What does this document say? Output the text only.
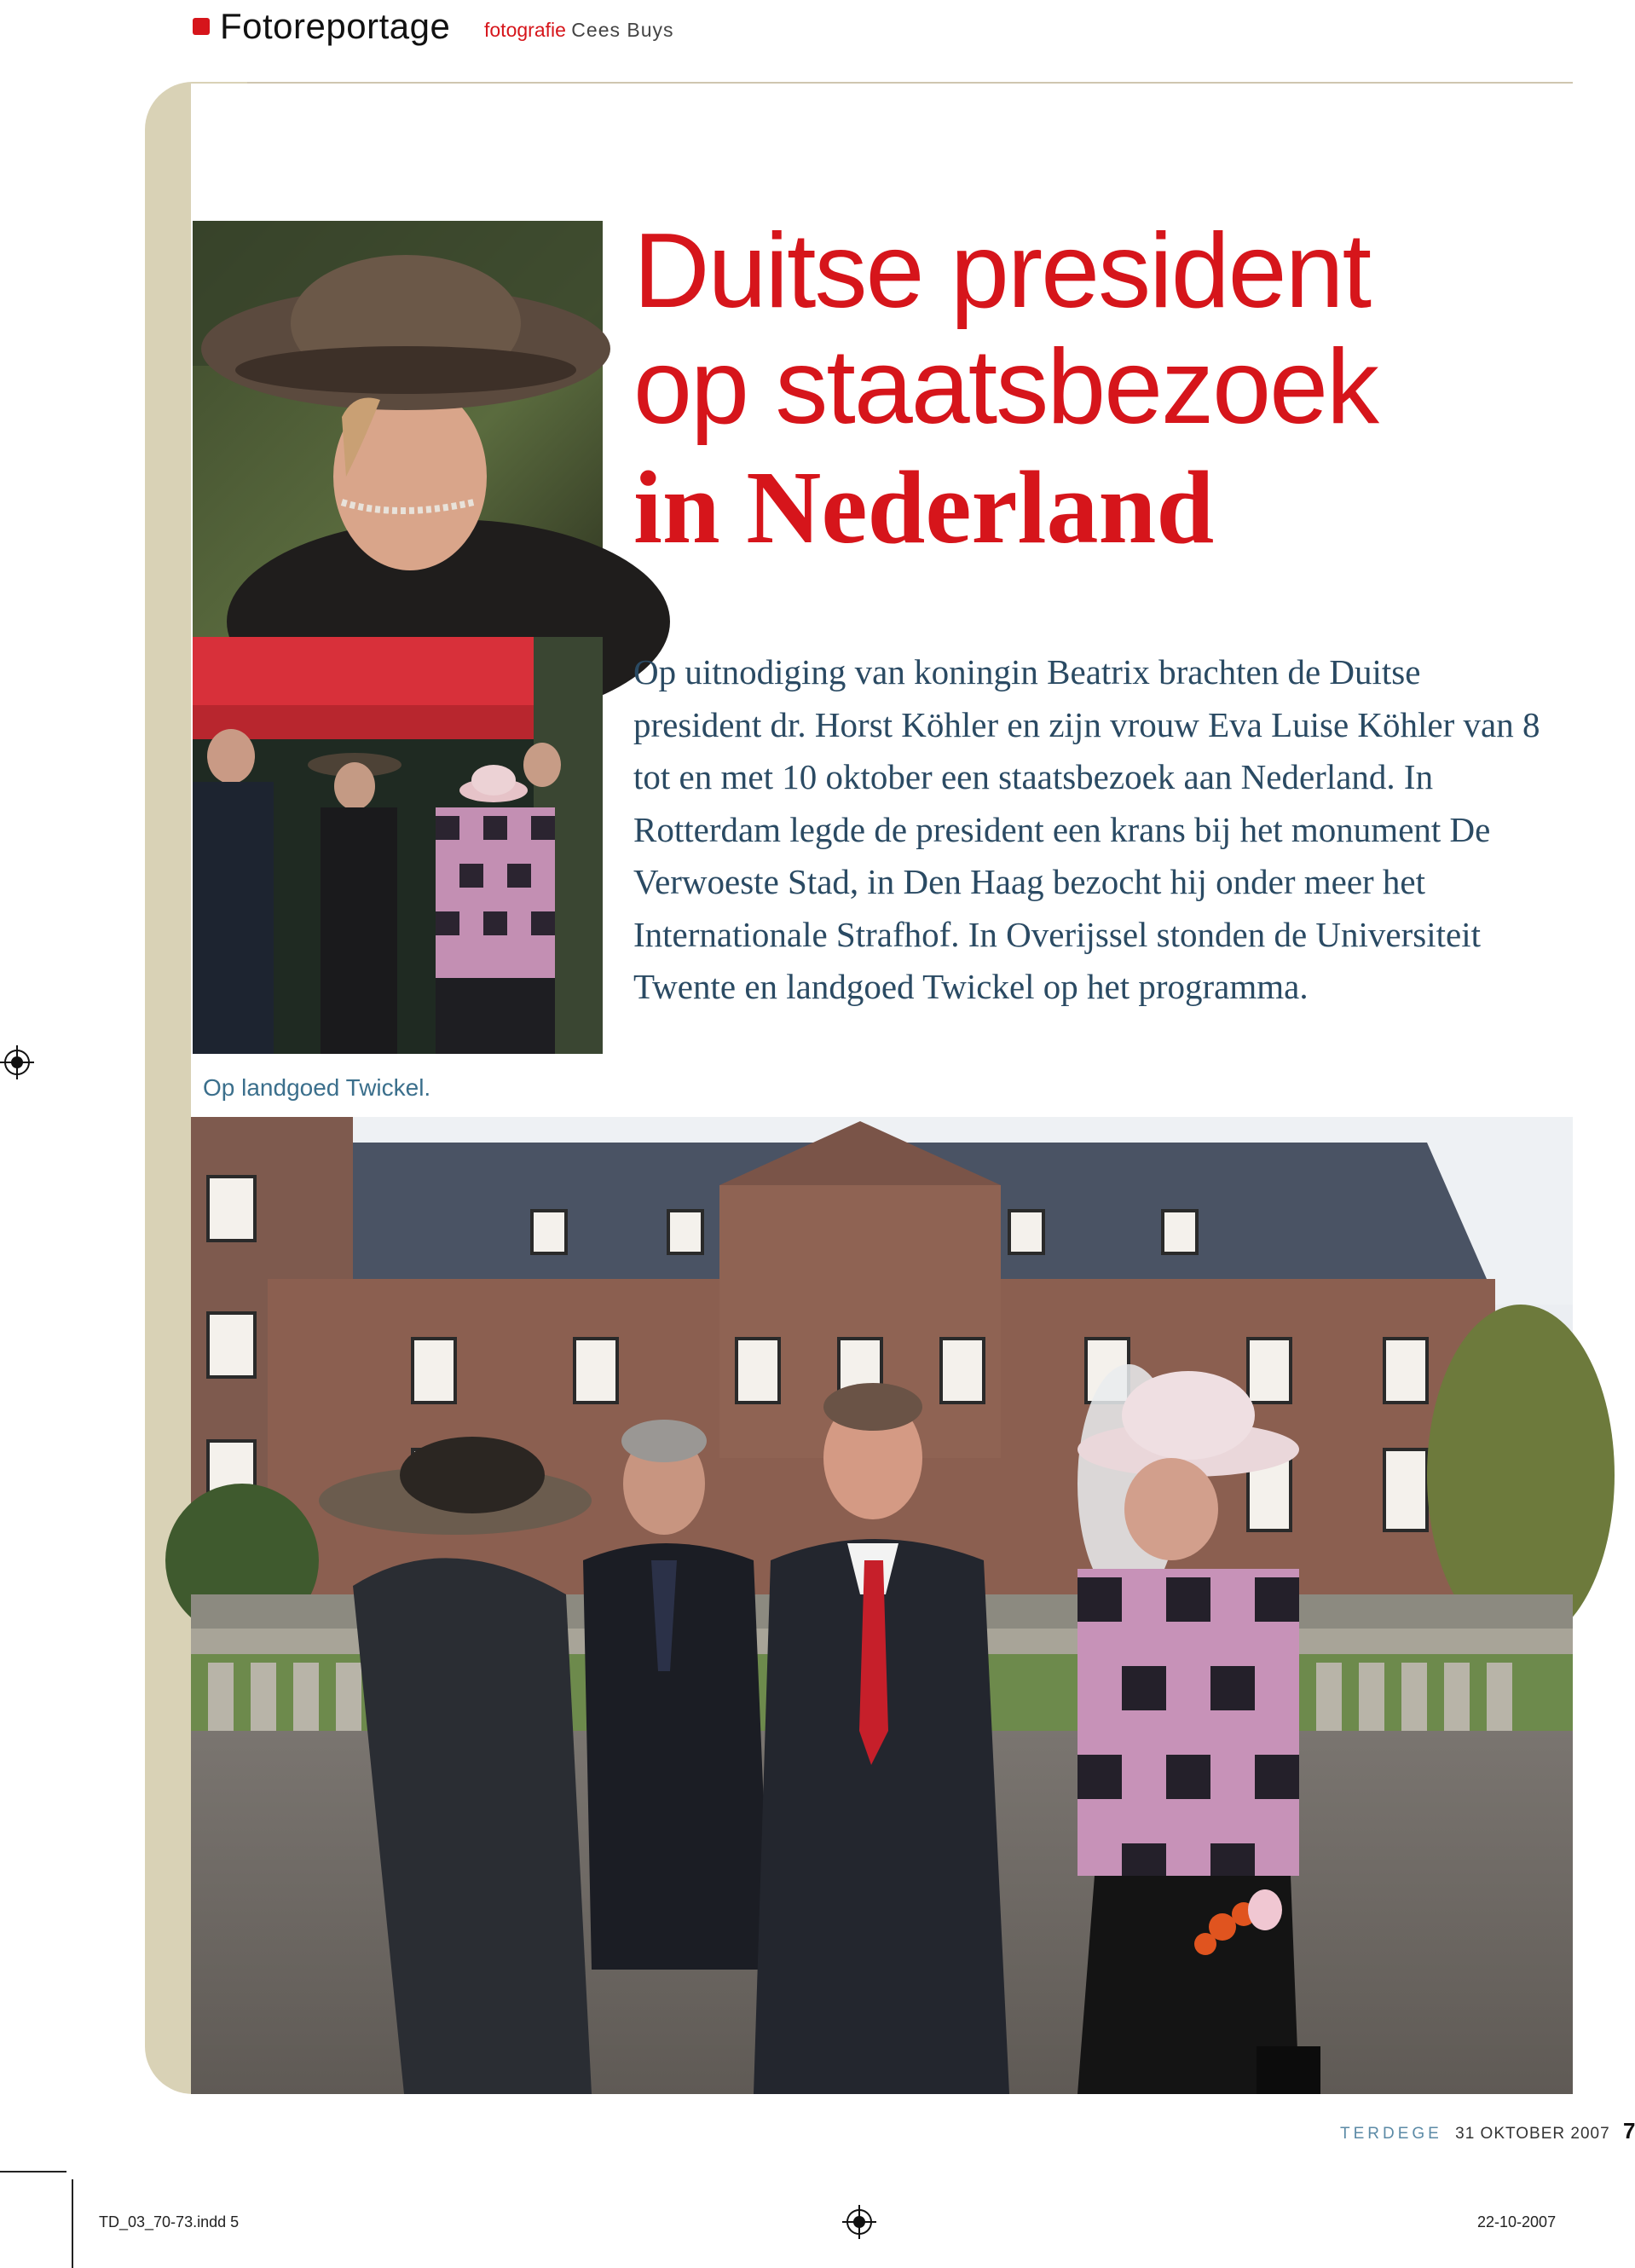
Fotoreportage fotografie Cees Buys
Duitse president
op staatsbezoek
in Nederland

Op uitnodiging van koningin Beatrix brachten de Duitse president dr. Horst Köhler en zijn vrouw Eva Luise Köhler van 8 tot en met 10 oktober een staatsbezoek aan Nederland. In Rotterdam legde de president een krans bij het monument De Verwoeste Stad, in Den Haag bezocht hij onder meer het Internationale Strafhof. In Overijssel stonden de Universiteit Twente en landgoed Twickel op het programma.

Op landgoed Twickel.
TERDEGE 31 OKTOBER 2007 7
TD_03_70-73.indd 5	22-10-2007
